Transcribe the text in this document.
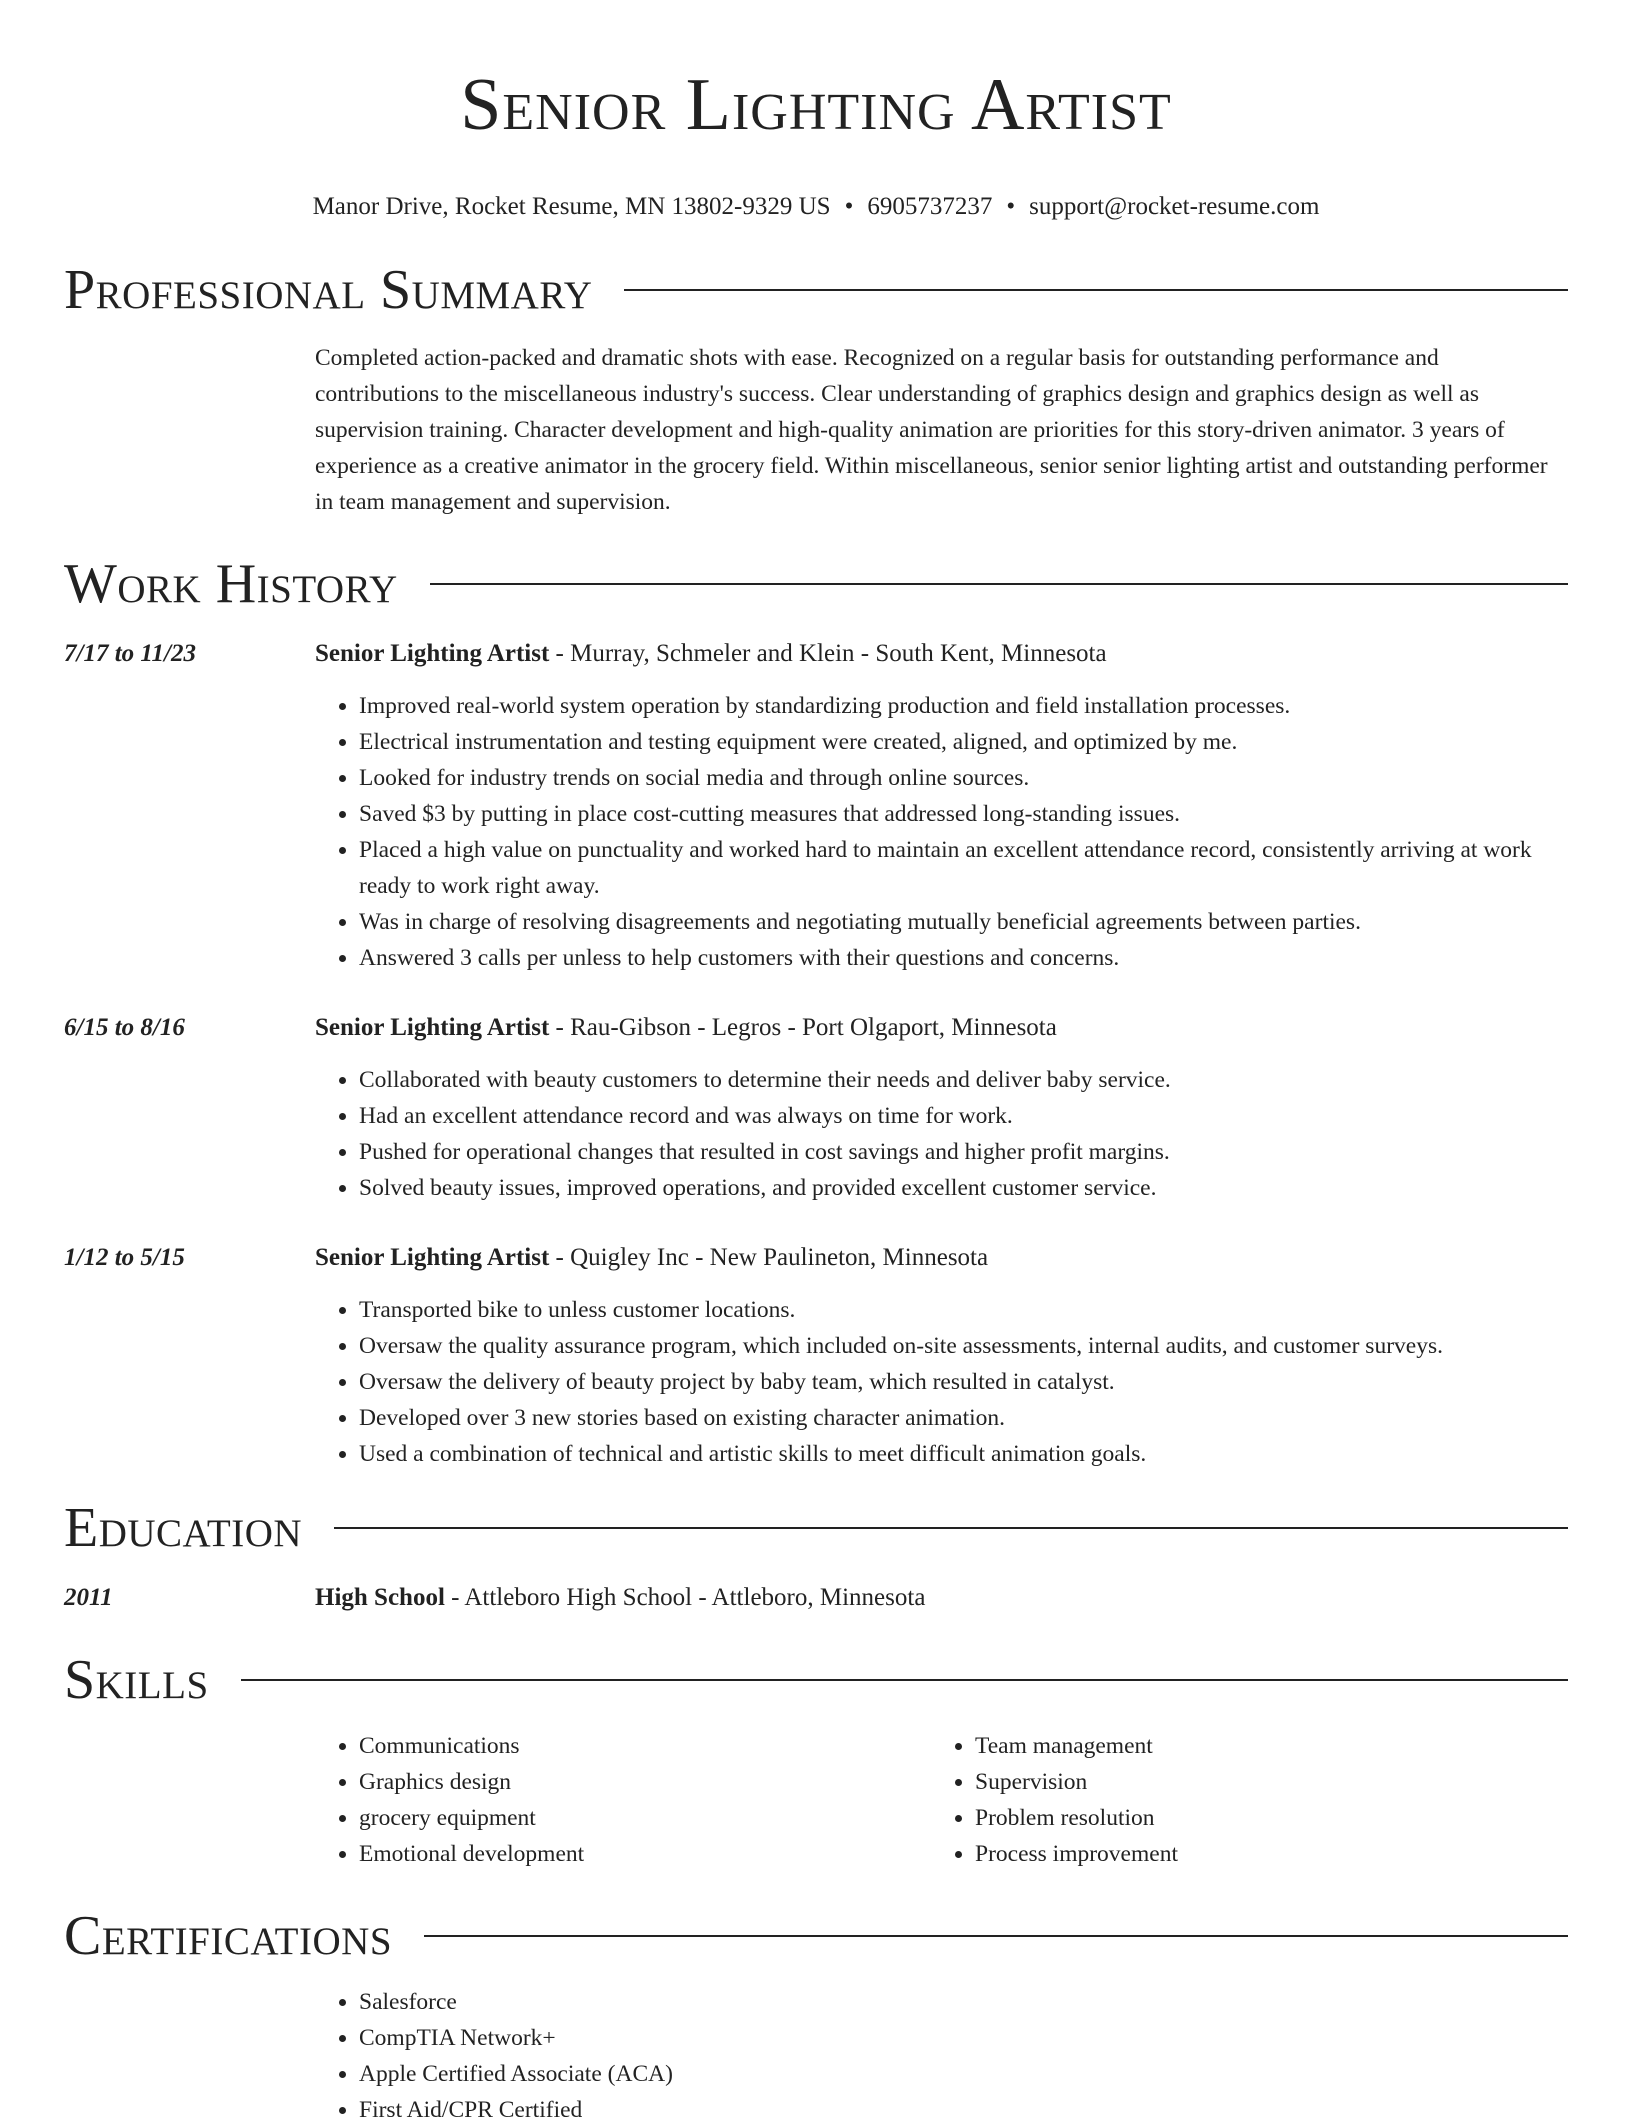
Senior Lighting Artist
Manor Drive, Rocket Resume, MN 13802-9329 US • 6905737237 • support@rocket-resume.com
Professional Summary
Completed action-packed and dramatic shots with ease. Recognized on a regular basis for outstanding performance and contributions to the miscellaneous industry's success. Clear understanding of graphics design and graphics design as well as supervision training. Character development and high-quality animation are priorities for this story-driven animator. 3 years of experience as a creative animator in the grocery field. Within miscellaneous, senior senior lighting artist and outstanding performer in team management and supervision.
Work History
7/17 to 11/23	Senior Lighting Artist - Murray, Schmeler and Klein - South Kent, Minnesota
• Improved real-world system operation by standardizing production and field installation processes.
• Electrical instrumentation and testing equipment were created, aligned, and optimized by me.
• Looked for industry trends on social media and through online sources.
• Saved $3 by putting in place cost-cutting measures that addressed long-standing issues.
• Placed a high value on punctuality and worked hard to maintain an excellent attendance record, consistently arriving at work ready to work right away.
• Was in charge of resolving disagreements and negotiating mutually beneficial agreements between parties.
• Answered 3 calls per unless to help customers with their questions and concerns.
6/15 to 8/16	Senior Lighting Artist - Rau-Gibson - Legros - Port Olgaport, Minnesota
• Collaborated with beauty customers to determine their needs and deliver baby service.
• Had an excellent attendance record and was always on time for work.
• Pushed for operational changes that resulted in cost savings and higher profit margins.
• Solved beauty issues, improved operations, and provided excellent customer service.
1/12 to 5/15	Senior Lighting Artist - Quigley Inc - New Paulineton, Minnesota
• Transported bike to unless customer locations.
• Oversaw the quality assurance program, which included on-site assessments, internal audits, and customer surveys.
• Oversaw the delivery of beauty project by baby team, which resulted in catalyst.
• Developed over 3 new stories based on existing character animation.
• Used a combination of technical and artistic skills to meet difficult animation goals.
Education
2011	High School - Attleboro High School - Attleboro, Minnesota
Skills
• Communications
• Graphics design
• grocery equipment
• Emotional development
• Team management
• Supervision
• Problem resolution
• Process improvement
Certifications
• Salesforce
• CompTIA Network+
• Apple Certified Associate (ACA)
• First Aid/CPR Certified
